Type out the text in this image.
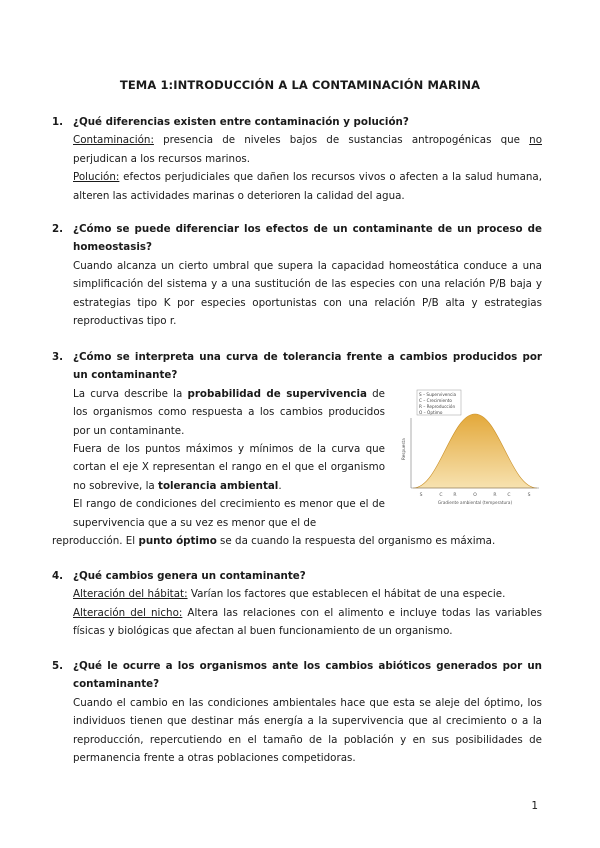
TEMA 1:INTRODUCCIÓN A LA CONTAMINACIÓN MARINA
1. ¿Qué diferencias existen entre contaminación y polución?

Contaminación: presencia de niveles bajos de sustancias antropogénicas que no perjudican a los recursos marinos.

Polución: efectos perjudiciales que dañen los recursos vivos o afecten a la salud humana, alteren las actividades marinas o deterioren la calidad del agua.

2. ¿Cómo se puede diferenciar los efectos de un contaminante de un proceso de homeostasis?

Cuando alcanza un cierto umbral que supera la capacidad homeostática conduce a una simplificación del sistema y a una sustitución de las especies con una relación P/B baja y estrategias tipo K por especies oportunistas con una relación P/B alta y estrategias reproductivas tipo r.

3. ¿Cómo se interpreta una curva de tolerancia frente a cambios producidos por un contaminante?

La curva describe la probabilidad de supervivencia de los organismos como respuesta a los cambios producidos por un contaminante.

Fuera de los puntos máximos y mínimos de la curva que cortan el eje X representan el rango en el que el organismo no sobrevive, la tolerancia ambiental.

El rango de condiciones del crecimiento es menor que el de supervivencia que a su vez es menor que el de

reproducción. El punto óptimo se da cuando la respuesta del organismo es máxima.

S – Supervivencia
C – Crecimiento
R – Reproducción
O – Óptimo
Respuesta
S	C R	O	R C	S
Gradiente ambiental (temperatura)
4. ¿Qué cambios genera un contaminante?

Alteración del hábitat: Varían los factores que establecen el hábitat de una especie.

Alteración del nicho: Altera las relaciones con el alimento e incluye todas las variables físicas y biológicas que afectan al buen funcionamiento de un organismo.

5. ¿Qué le ocurre a los organismos ante los cambios abióticos generados por un contaminante?

Cuando el cambio en las condiciones ambientales hace que esta se aleje del óptimo, los individuos tienen que destinar más energía a la supervivencia que al crecimiento o a la reproducción, repercutiendo en el tamaño de la población y en sus posibilidades de permanencia frente a otras poblaciones competidoras.

1
